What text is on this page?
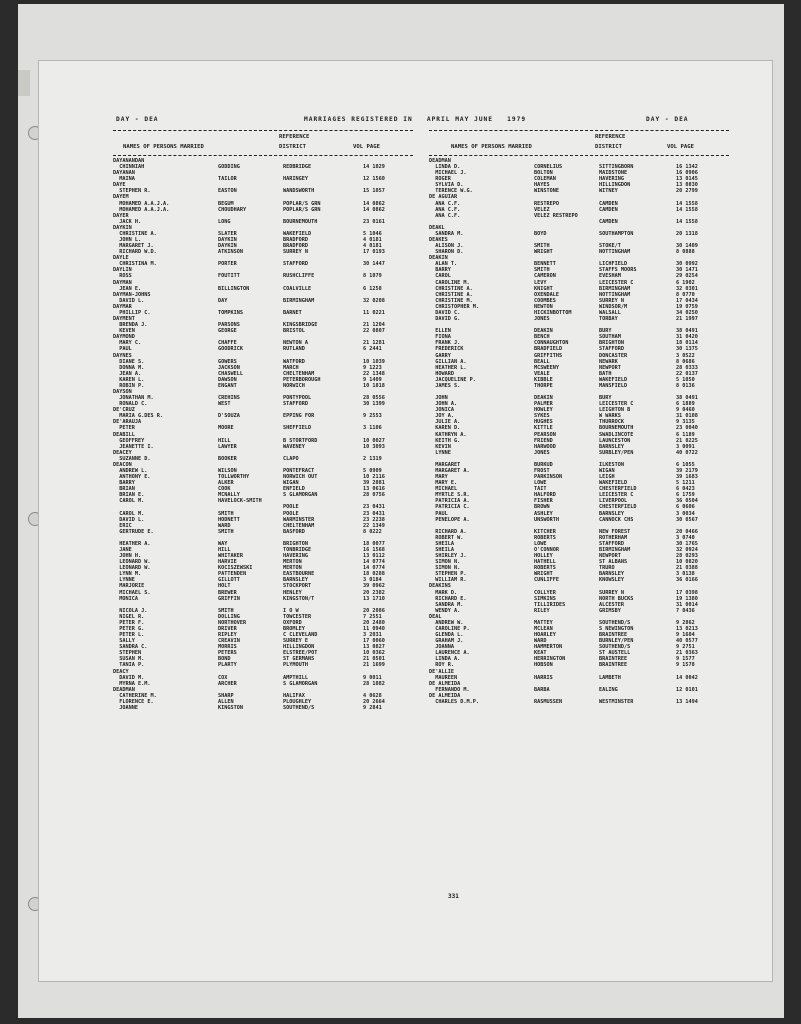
DAY - DEA	MARRIAGES REGISTERED IN   APRIL MAY JUNE   1979	DAY - DEA
REFERENCE
NAMES OF PERSONS MARRIED	DISTRICT	VOL PAGE
DAYANANDAN
CHINNIAH	GODDING	REDBRIDGE	14 1029
DAYANAN
MAINA	TAILOR	HARINGEY	12 1560
DAYE
STEPHEN R.	EASTON	WANDSWORTH	15 1057
DAYEM
MOHAMED A.A.J.A.	BEGUM	POPLAR/S GRN	14 0862
MOHAMED A.A.J.A.	CHOUDHARY	POPLAR/S GRN	14 0862
DAYER
JACK H.	LONG	BOURNEMOUTH	23 0161
DAYKIN
CHRISTINE A.	SLATER	WAKEFIELD	5 1046
JOHN L.	DAYKIN	BRADFORD	4 0181
MARGARET J.	DAYKIN	BRADFORD	4 0181
RICHARD W.D.	ATKINSON	SURREY N	17 0193
DAYLE
CHRISTINA M.	PORTER	STAFFORD	30 1447
DAYLIN
ROSS	FOUTITT	RUSHCLIFFE	8 1079
DAYMAN
JEAN E.	BILLINGTON	COALVILLE	6 1258
DAYMAN-JOHNS
DAVID L.	DAY	BIRMINGHAM	32 0208
DAYMAR
PHILLIP C.	TOMPKINS	BARNET	11 0221
DAYMENT
BRENDA J.	PARSONS	KINGSBRIDGE	21 1204
KEVEN	GEORGE	BRISTOL	22 0807
DAYMOND
MARY C.	CHAFFE	NEWTON A	21 1281
PAUL	GOODRICK	RUTLAND	6 2441
DAYNES
DIANE S.	GOWERS	WATFORD	10 1039
DONNA M.	JACKSON	MARCH	9 1223
JEAN A.	CHASWELL	CHELTENHAM	22 1348
KAREN L.	DAWSON	PETERBOROUGH	9 1409
ROBIN P.	ENGANT	NORWICH	10 1818
DAYSON
JONATHAN M.	CREHINS	PONTYPOOL	28 0556
RONALD C.	WEST	STAFFORD	30 1399
DE'CRUZ
MARIA G.DES R.	D'SOUZA	EPPING FOR	9 2553
DE'ARAUJA
PETER	MOORE	SHEFFIELD	3 1106
DEABILL
GEOFFREY	HILL	B STORTFORD	10 0027
JEANETTE I.	LAWYER	WAVENEY	10 3093
DEACEY
SUZANNE D.	BOOKER	CLAPO	2 1319
DEACON
ANDREW L.	WILSON	PONTEFRACT	5 0909
ANTHONY E.	TOLLWORTHY	NORWICH OUT	10 2116
BARRY	ALKER	WIGAN	39 2081
BRIAN	COOK	ENFIELD	13 0616
BRIAN E.	MCNALLY	S GLAMORGAN	28 0756
CAROL M.	HAVELOCK-SMITH
POOLE	23 0431
CAROL M.	SMITH	POOLE	23 0431
DAVID L.	HODNETT	WARMINSTER	23 2238
ERIC	WARD	CHELTENHAM	22 1349
GERTRUDE E.	SMITH	BASFORD	8 0222
HEATHER A.	WAY	BRIGHTON	18 0077
JANE	HILL	TONBRIDGE	16 1568
JOHN H.	WHITAKER	HAVERING	13 0112
LEONARD W.	HARVIE	MERTON	14 0774
LEONARD W.	KOCISZEWSKI	MERTON	14 0774
LYNN M.	PATTENDEN	EASTBOURNE	18 0288
LYNNE	GILLOTT	BARNSLEY	3 0184
MARJORIE	HOLT	STOCKPORT	39 0962
MICHAEL S.	BREWER	HENLEY	20 2382
MONICA	GRIFFIN	KINGSTON/T	13 1710
NICOLA J.	SMITH	I O W	20 2086
NIGEL R.	DOLLING	TOWCESTER	7 2551
PETER F.	NORTHOVER	OXFORD	20 2480
PETER G.	DRIVER	BROMLEY	11 0940
PETER L.	RIPLEY	C CLEVELAND	3 2031
SALLY	CREAVIN	SURREY E	17 0060
SANDRA C.	MORRIS	HILLINGDON	13 0827
STEPHEN	PETERS	ELSTREE/POT	10 0362
SUSAN M.	BOND	ST GERMANS	21 0501
TANIA P.	PLARTY	PLYMOUTH	21 1699
DEACY
DAVID M.	COX	AMPTHILL	9 0011
MYRNA E.M.	ARCHER	S GLAMORGAN	28 1082
DEADMAN
CATHERINE M.	SHARP	HALIFAX	4 0628
FLORENCE E.	ALLEN	PLOUGHLEY	20 2664
JOANNE	KINGSTON	SOUTHEND/S	9 2841
REFERENCE
NAMES OF PERSONS MARRIED	DISTRICT	VOL PAGE
DEADMAN
LINDA D.	CORNELIUS	SITTINGBORN	16 1342
MICHAEL J.	BOLTON	MAIDSTONE	16 0906
ROGER	COLEMAN	HAVERING	13 0145
SYLVIA D.	HAYES	HILLINGDON	13 0830
TERENCE W.G.	WINSTONE	WITNEY	20 2799
DE AGUIAR
ANA C.F.	RESTREPO	CAMDEN	14 1558
ANA C.F.	VELEZ	CAMDEN	14 1558
ANA C.F.	VELEZ RESTREPO
CAMDEN	14 1558
DEAKL
SANDRA M.	BOYD	SOUTHAMPTON	20 1318
DEAKES
ALISON J.	SMITH	STOKE/T	30 1409
SHARON D.	WRIGHT	NOTTINGHAM	8 0888
DEAKIN
ALAN T.	BENNETT	LICHFIELD	30 0992
BARRY	SMITH	STAFFS MOORS	30 1471
CAROL	CAMERON	EVESHAM	29 0254
CAROLINE M.	LEVY	LEICESTER C	6 1902
CHRISTINE A.	KNIGHT	BIRMINGHAM	32 0301
CHRISTINE A.	OXENDALE	NOTTINGHAM	8 0770
CHRISTINE M.	COOMBES	SURREY N	17 0434
CHRISTOPHER M.	NEWTON	WINDSOR/M	19 0759
DAVID C.	HICKINBOTTOM	WALSALL	34 0250
DAVID G.	JONES	TORBAY	21 1997
ELLEN	DEAKIN	BURY	38 0491
FIONA	BENCH	SOUTHAM	31 0420
FRANK J.	CONNAUGHTON	BRIGHTON	18 0114
FREDERICK	BRADFIELD	STAFFORD	30 1375
GARRY	GRIFFITHS	DONCASTER	3 0522
GILLIAN A.	BEALL	NEWARK	8 0686
HEATHER L.	MCSWEENY	NEWPORT	28 0333
HOWARD	VEALE	BATH	22 0137
JACQUELINE P.	KIBBLE	WAKEFIELD	5 1050
JAMES S.	THORPE	MANSFIELD	8 0136
JOHN	DEAKIN	BURY	38 0491
JOHN A.	PALMER	LEICESTER C	6 1889
JONICA	HOWLEY	LEIGHTON B	9 0460
JOY A.	SYKES	W WARKS	31 0108
JULIE A.	HUGHES	THURROCK	9 3135
KAREN D.	KITTLE	BOURNEMOUTH	23 0040
KATHRYN A.	PEARSON	SWADLINCOTE	6 1189
KEITH G.	FRIEND	LAUNCESTON	21 0225
KEVIN	HARWOOD	BARNSLEY	3 0091
LYNNE	JONES	SURBLEY/PEN	40 0722
MARGARET	BURKUD	ILKESTON	6 1055
MARGARET A.	FROST	WIGAN	39 2179
MARY	PARKINSON	LEIGH	39 1683
MARY E.	LOWE	WAKEFIELD	5 1211
MICHAEL	TAIT	CHESTERFIELD	6 0423
MYRTLE S.R.	HALFORD	LEICESTER C	6 1759
PATRICIA A.	FISHER	LIVERPOOL	36 0504
PATRICIA C.	BROWN	CHESTERFIELD	6 0606
PAUL	ASHLEY	BARNSLEY	3 0034
PENELOPE A.	UNSWORTH	CANNOCK CHS	30 0567
RICHARD A.	KITCHER	NEW FOREST	20 0466
ROBERT W.	ROBERTS	ROTHERHAM	3 0740
SHEILA	LOWE	STAFFORD	30 1765
SHEILA	O'CONNOR	BIRMINGHAM	32 0924
SHIRLEY J.	HOLLEY	NEWPORT	28 0293
SIMON N.	HATHELL	ST ALBANS	10 0820
SIMON N.	ROBERTS	TRURO	21 0388
STEPHEN P.	WRIGHT	BARNSLEY	3 0138
WILLIAM R.	CUNLIFFE	KNOWSLEY	36 0166
DEAKINS
MARK D.	COLLYER	SURREY N	17 0398
RICHARD E.	SIMKINS	NORTH BUCKS	19 1380
SANDRA M.	TILLIRIDES	ALCESTER	31 0014
WENDY A.	RILEY	GRIMSBY	7 0436
DEAL
ANDREW W.	MATTEY	SOUTHEND/S	9 2862
CAROLINE P.	MCLEAN	S NEWINGTON	13 0213
GLENDA L.	HOARLEY	BRAINTREE	9 1604
GRAHAM J.	WARD	BURNLEY/PEN	40 0577
JOANNA	HAMMERTON	SOUTHEND/S	9 2751
LAURENCE A.	KEAT	ST AUSTELL	21 0363
LINDA A.	HERRINGTON	BRAINTREE	9 1577
ROY R.	HOBSON	BRAINTREE	9 1578
DE'ALLIE
MAUREEN	HARRIS	LAMBETH	14 0042
DE ALMEIDA
FERNANDO M.	BARBA	EALING	12 0101
DE ALMEIDA
CHARLES D.M.P.	RASMUSSEN	WESTMINSTER	13 1494
331
